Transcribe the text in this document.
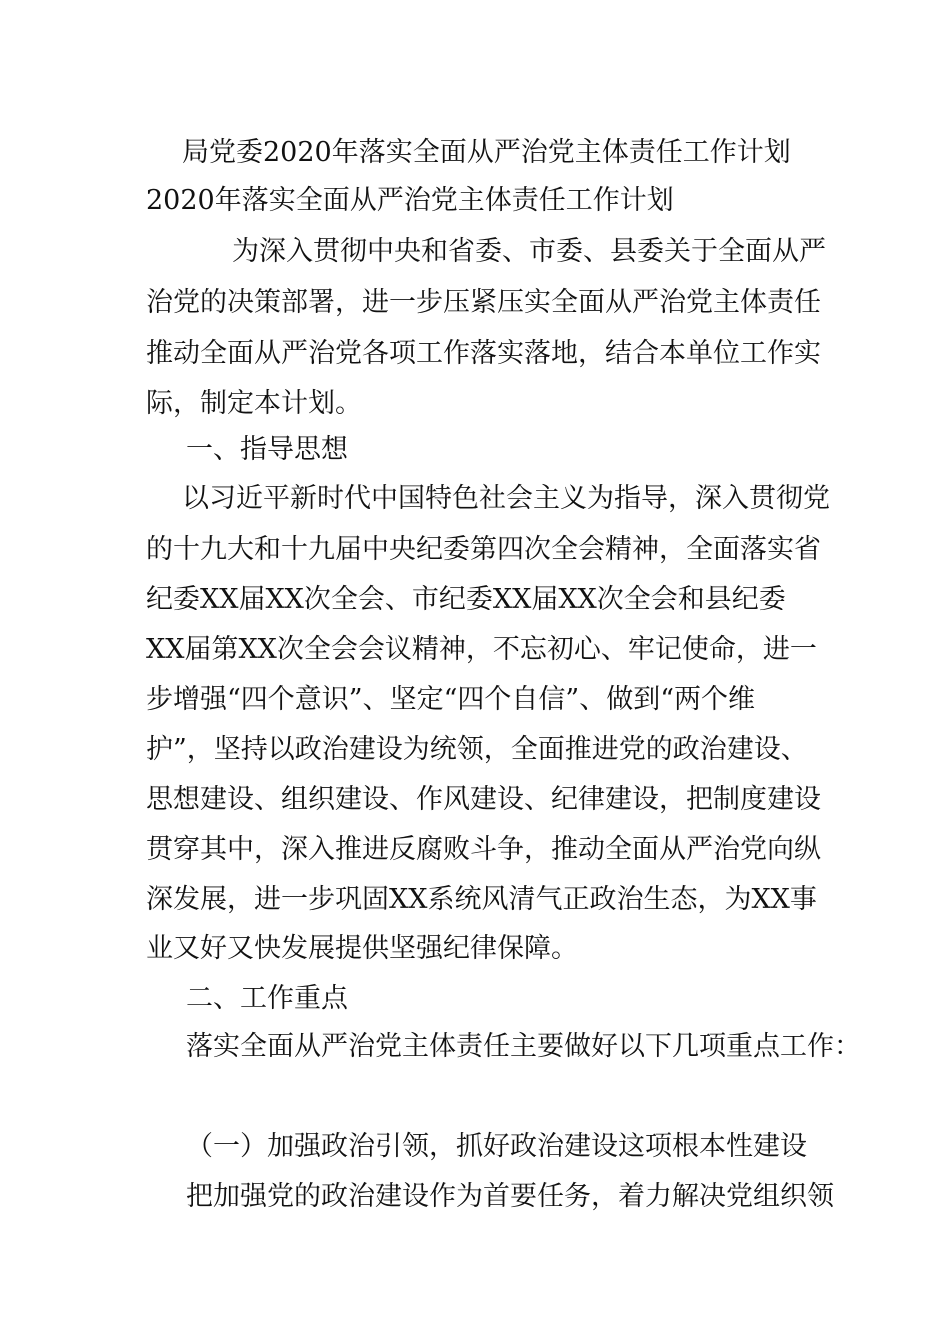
局党委2020年落实全面从严治党主体责任工作计划

2020年落实全面从严治党主体责任工作计划

为深入贯彻中央和省委、市委、县委关于全面从严

治党的决策部署，进一步压紧压实全面从严治党主体责任

推动全面从严治党各项工作落实落地，结合本单位工作实

际，制定本计划。

一、指导思想

以习近平新时代中国特色社会主义为指导，深入贯彻党

的十九大和十九届中央纪委第四次全会精神，全面落实省

纪委XX届XX次全会、市纪委XX届XX次全会和县纪委

XX届第XX次全会会议精神，不忘初心、牢记使命，进一

步增强“四个意识”、坚定“四个自信”、做到“两个维

护”，坚持以政治建设为统领，全面推进党的政治建设、

思想建设、组织建设、作风建设、纪律建设，把制度建设

贯穿其中，深入推进反腐败斗争，推动全面从严治党向纵

深发展，进一步巩固XX系统风清气正政治生态，为XX事

业又好又快发展提供坚强纪律保障。

二、工作重点

落实全面从严治党主体责任主要做好以下几项重点工作：

（一）加强政治引领，抓好政治建设这项根本性建设

把加强党的政治建设作为首要任务，着力解决党组织领
